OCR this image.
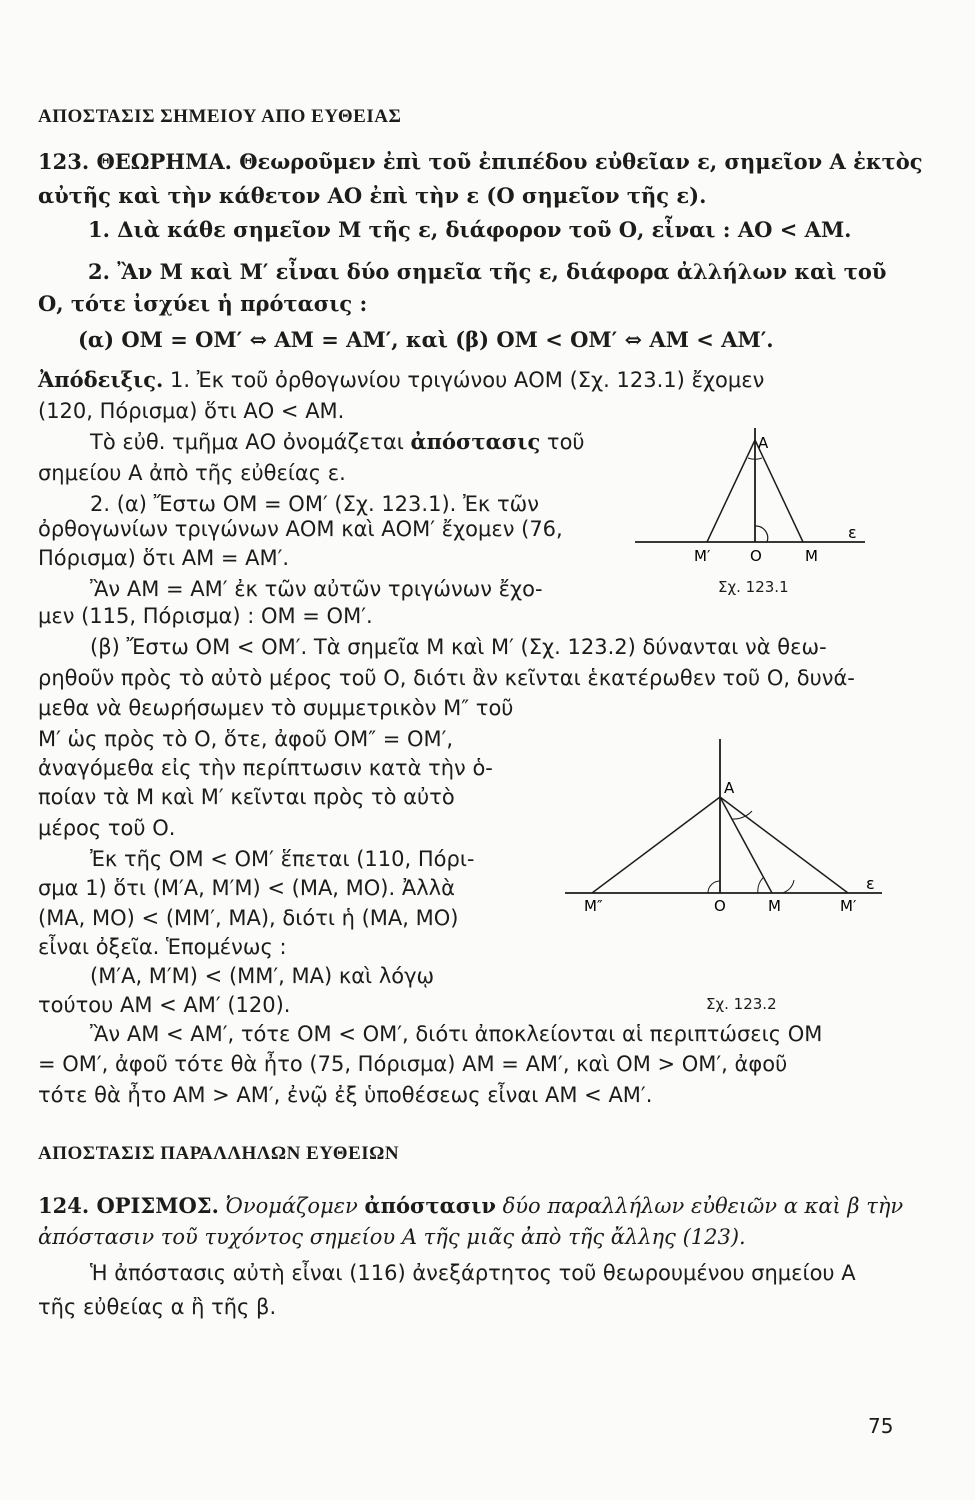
ΑΠΟΣΤΑΣΙΣ ΣΗΜΕΙΟΥ ΑΠΟ ΕΥΘΕΙΑΣ
123. ΘΕΩΡΗΜΑ. Θεωροῦμεν ἐπὶ τοῦ ἐπιπέδου εὐθεῖαν ε, σημεῖον Α ἐκτὸς
αὐτῆς καὶ τὴν κάθετον ΑΟ ἐπὶ τὴν ε (Ο σημεῖον τῆς ε).
1. Διὰ κάθε σημεῖον Μ τῆς ε, διάφορον τοῦ Ο, εἶναι : ΑΟ < ΑΜ.
2. Ἂν Μ καὶ Μ′ εἶναι δύο σημεῖα τῆς ε, διάφορα ἀλλήλων καὶ τοῦ
Ο, τότε ἰσχύει ἡ πρότασις :
(α) ΟΜ = ΟΜ′ ⇔ ΑΜ = ΑΜ′, καὶ (β) ΟΜ < ΟΜ′ ⇔ ΑΜ < ΑΜ′.
Ἀπόδειξις. 1. Ἐκ τοῦ ὀρθογωνίου τριγώνου ΑΟΜ (Σχ. 123.1) ἔχομεν
(120, Πόρισμα) ὅτι ΑΟ < ΑΜ.
Τὸ εὐθ. τμῆμα ΑΟ ὀνομάζεται ἀπόστασις τοῦ
σημείου Α ἀπὸ τῆς εὐθείας ε.
2. (α) Ἔστω ΟΜ = ΟΜ′ (Σχ. 123.1). Ἐκ τῶν
ὀρθογωνίων τριγώνων ΑΟΜ καὶ ΑΟΜ′ ἔχομεν (76,
Πόρισμα) ὅτι ΑΜ = ΑΜ′.
Ἂν ΑΜ = ΑΜ′ ἐκ τῶν αὐτῶν τριγώνων ἔχο-
μεν (115, Πόρισμα) : ΟΜ = ΟΜ′.
(β) Ἔστω ΟΜ < ΟΜ′. Τὰ σημεῖα Μ καὶ Μ′ (Σχ. 123.2) δύνανται νὰ θεω-
ρηθοῦν πρὸς τὸ αὐτὸ μέρος τοῦ Ο, διότι ἂν κεῖνται ἑκατέρωθεν τοῦ Ο, δυνά-
μεθα νὰ θεωρήσωμεν τὸ συμμετρικὸν Μ″ τοῦ
Μ′ ὡς πρὸς τὸ Ο, ὅτε, ἀφοῦ ΟΜ″ = ΟΜ′,
ἀναγόμεθα εἰς τὴν περίπτωσιν κατὰ τὴν ὁ-
ποίαν τὰ Μ καὶ Μ′ κεῖνται πρὸς τὸ αὐτὸ
μέρος τοῦ Ο.
Ἐκ τῆς ΟΜ < ΟΜ′ ἕπεται (110, Πόρι-
σμα 1) ὅτι (Μ′Α, Μ′Μ) < (ΜΑ, ΜΟ). Ἀλλὰ
(ΜΑ, ΜΟ) < (ΜΜ′, ΜΑ), διότι ἡ (ΜΑ, ΜΟ)
εἶναι ὀξεῖα. Ἑπομένως :
(Μ′Α, Μ′Μ) < (ΜΜ′, ΜΑ) καὶ λόγῳ
τούτου ΑΜ < ΑΜ′ (120).
Ἂν ΑΜ < ΑΜ′, τότε ΟΜ < ΟΜ′, διότι ἀποκλείονται αἱ περιπτώσεις ΟΜ
= ΟΜ′, ἀφοῦ τότε θὰ ἦτο (75, Πόρισμα) ΑΜ = ΑΜ′, καὶ ΟΜ > ΟΜ′, ἀφοῦ
τότε θὰ ἦτο ΑΜ > ΑΜ′, ἐνῷ ἐξ ὑποθέσεως εἶναι ΑΜ < ΑΜ′.
ΑΠΟΣΤΑΣΙΣ ΠΑΡΑΛΛΗΛΩΝ ΕΥΘΕΙΩΝ
124. ΟΡΙΣΜΟΣ. Ὀνομάζομεν ἀπόστασιν δύο παραλλήλων εὐθειῶν α καὶ β τὴν
ἀπόστασιν τοῦ τυχόντος σημείου Α τῆς μιᾶς ἀπὸ τῆς ἄλλης (123).
Ἡ ἀπόστασις αὐτὴ εἶναι (116) ἀνεξάρτητος τοῦ θεωρουμένου σημείου Α
τῆς εὐθείας α ἢ τῆς β.
Α
Μ′	Ο	Μ
ε
Σχ. 123.1
Α
Μ″	Ο	Μ	Μ′
ε
Σχ. 123.2
75
